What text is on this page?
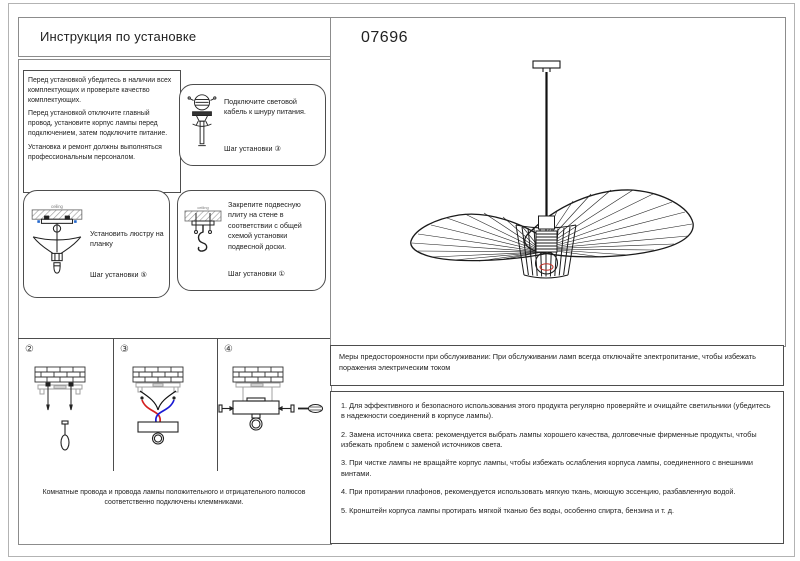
Инструкция по установке

Перед установкой убедитесь в наличии всех комплектующих и проверьте качество комплектующих.

Перед установкой отключите главный провод, установите корпус лампы перед подключением, затем подключите питание.

Установка и ремонт должны выполняться профессиональным персоналом.

Подключите световой кабель к шнуру питания.
Шаг установки ③
ceiling
Установить люстру на планку
Шаг установки ⑤
ceiling	Закрепите подвесную плиту на стене в соответствии с общей схемой установки подвесной доски.
Шаг установки ①
②	③	④
Комнатные провода и провода лампы положительного и отрицательного полюсов соответственно подключены клеммниками.
07696

Меры предосторожности при обслуживании: При обслуживании ламп всегда отключайте электропитание, чтобы избежать поражения электрическим током

1. Для эффективного и безопасного использования этого продукта регулярно проверяйте и очищайте светильники (убедитесь в надежности соединений в корпусе лампы).

2. Замена источника света: рекомендуется выбрать лампы хорошего качества, долговечные фирменные продукты, чтобы избежать проблем с заменой источников света.

3. При чистке лампы не вращайте корпус лампы, чтобы избежать ослабления корпуса лампы, соединенного с внешними винтами.

4. При протирании плафонов, рекомендуется использовать мягкую ткань, моющую эссенцию, разбавленную водой.

5. Кронштейн корпуса лампы протирать мягкой тканью без воды, особенно спирта, бензина и т. д.
